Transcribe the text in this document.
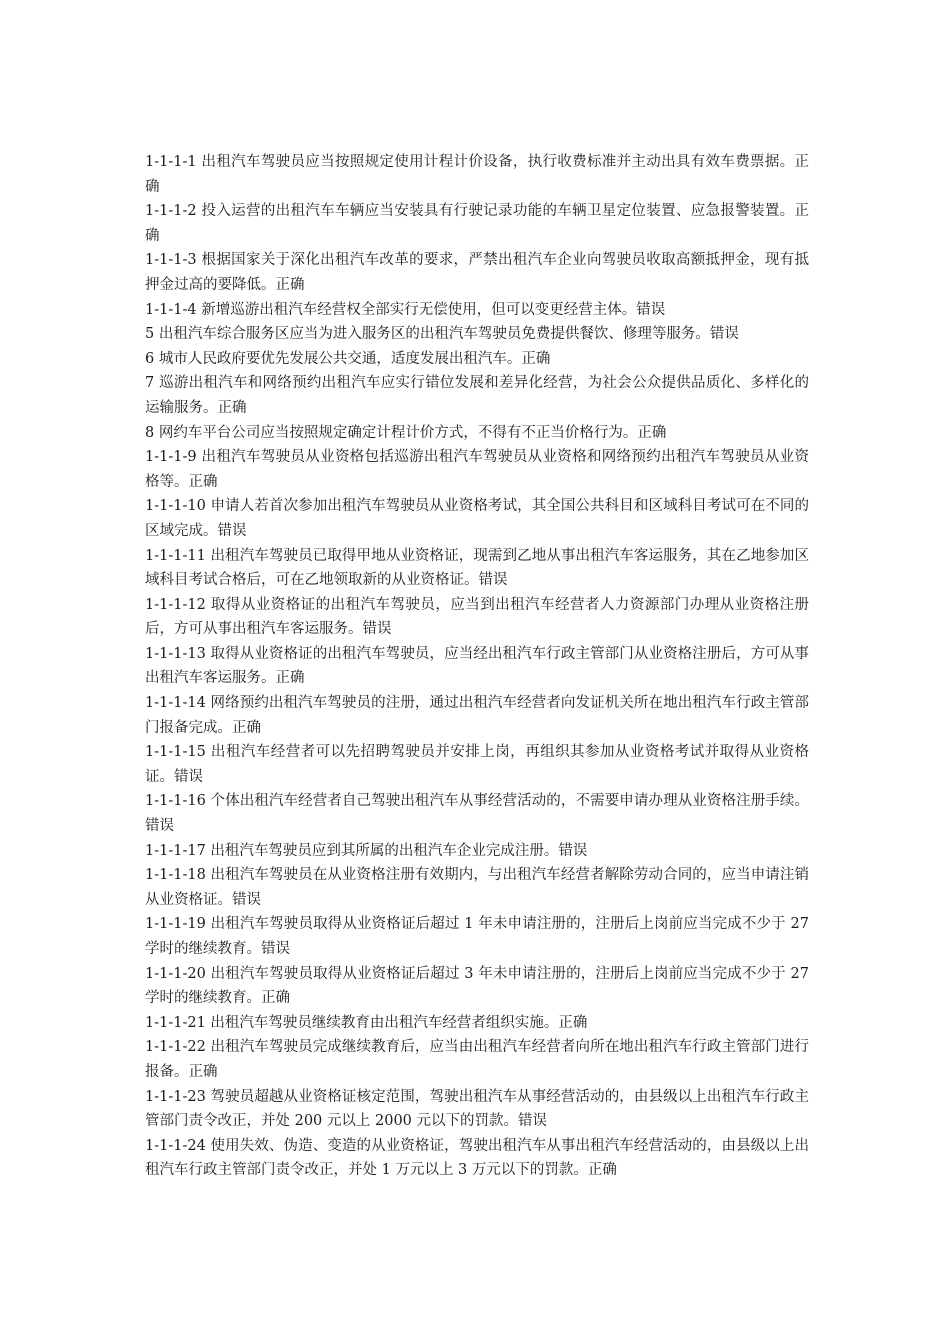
1-1-1-1 出租汽车驾驶员应当按照规定使用计程计价设备，执行收费标准并主动出具有效车费票据。正确

1-1-1-2 投入运营的出租汽车车辆应当安装具有行驶记录功能的车辆卫星定位装置、应急报警装置。正确

1-1-1-3 根据国家关于深化出租汽车改革的要求，严禁出租汽车企业向驾驶员收取高额抵押金，现有抵押金过高的要降低。正确

1-1-1-4 新增巡游出租汽车经营权全部实行无偿使用，但可以变更经营主体。错误

5 出租汽车综合服务区应当为进入服务区的出租汽车驾驶员免费提供餐饮、修理等服务。错误

6 城市人民政府要优先发展公共交通，适度发展出租汽车。正确

7 巡游出租汽车和网络预约出租汽车应实行错位发展和差异化经营，为社会公众提供品质化、多样化的运输服务。正确

8 网约车平台公司应当按照规定确定计程计价方式，不得有不正当价格行为。正确

1-1-1-9 出租汽车驾驶员从业资格包括巡游出租汽车驾驶员从业资格和网络预约出租汽车驾驶员从业资格等。正确

1-1-1-10 申请人若首次参加出租汽车驾驶员从业资格考试，其全国公共科目和区域科目考试可在不同的区域完成。错误

1-1-1-11 出租汽车驾驶员已取得甲地从业资格证，现需到乙地从事出租汽车客运服务，其在乙地参加区域科目考试合格后，可在乙地领取新的从业资格证。错误

1-1-1-12 取得从业资格证的出租汽车驾驶员，应当到出租汽车经营者人力资源部门办理从业资格注册后，方可从事出租汽车客运服务。错误

1-1-1-13 取得从业资格证的出租汽车驾驶员，应当经出租汽车行政主管部门从业资格注册后，方可从事出租汽车客运服务。正确

1-1-1-14 网络预约出租汽车驾驶员的注册，通过出租汽车经营者向发证机关所在地出租汽车行政主管部门报备完成。正确

1-1-1-15 出租汽车经营者可以先招聘驾驶员并安排上岗，再组织其参加从业资格考试并取得从业资格证。错误

1-1-1-16 个体出租汽车经营者自己驾驶出租汽车从事经营活动的，不需要申请办理从业资格注册手续。错误

1-1-1-17 出租汽车驾驶员应到其所属的出租汽车企业完成注册。错误

1-1-1-18 出租汽车驾驶员在从业资格注册有效期内，与出租汽车经营者解除劳动合同的，应当申请注销从业资格证。错误

1-1-1-19 出租汽车驾驶员取得从业资格证后超过 1 年未申请注册的，注册后上岗前应当完成不少于 27 学时的继续教育。错误

1-1-1-20 出租汽车驾驶员取得从业资格证后超过 3 年未申请注册的，注册后上岗前应当完成不少于 27 学时的继续教育。正确

1-1-1-21 出租汽车驾驶员继续教育由出租汽车经营者组织实施。正确

1-1-1-22 出租汽车驾驶员完成继续教育后，应当由出租汽车经营者向所在地出租汽车行政主管部门进行报备。正确

1-1-1-23 驾驶员超越从业资格证核定范围，驾驶出租汽车从事经营活动的，由县级以上出租汽车行政主管部门责令改正，并处 200 元以上 2000 元以下的罚款。错误

1-1-1-24 使用失效、伪造、变造的从业资格证，驾驶出租汽车从事出租汽车经营活动的，由县级以上出租汽车行政主管部门责令改正，并处 1 万元以上 3 万元以下的罚款。正确
